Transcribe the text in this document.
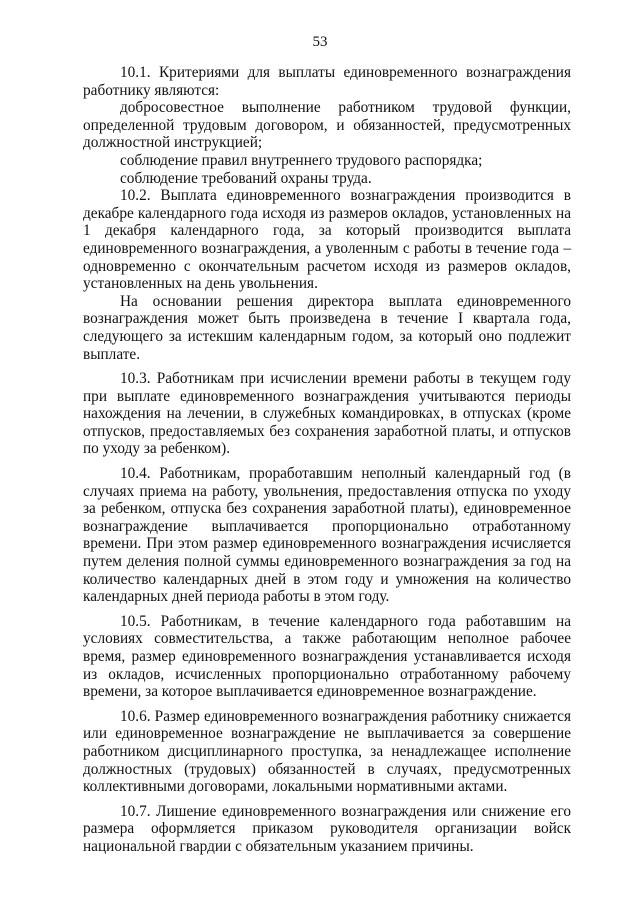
53

10.1. Критериями для выплаты единовременного вознаграждения работнику являются:

добросовестное выполнение работником трудовой функции, определенной трудовым договором, и обязанностей, предусмотренных должностной инструкцией;

соблюдение правил внутреннего трудового распорядка;

соблюдение требований охраны труда.

10.2. Выплата единовременного вознаграждения производится в декабре календарного года исходя из размеров окладов, установленных на 1 декабря календарного года, за который производится выплата единовременного вознаграждения, а уволенным с работы в течение года – одновременно с окончательным расчетом исходя из размеров окладов, установленных на день увольнения.

На основании решения директора выплата единовременного вознаграждения может быть произведена в течение I квартала года, следующего за истекшим календарным годом, за который оно подлежит выплате.

10.3. Работникам при исчислении времени работы в текущем году при выплате единовременного вознаграждения учитываются периоды нахождения на лечении, в служебных командировках, в отпусках (кроме отпусков, предоставляемых без сохранения заработной платы, и отпусков по уходу за ребенком).

10.4. Работникам, проработавшим неполный календарный год (в случаях приема на работу, увольнения, предоставления отпуска по уходу за ребенком, отпуска без сохранения заработной платы), единовременное вознаграждение выплачивается пропорционально отработанному времени. При этом размер единовременного вознаграждения исчисляется путем деления полной суммы единовременного вознаграждения за год на количество календарных дней в этом году и умножения на количество календарных дней периода работы в этом году.

10.5. Работникам, в течение календарного года работавшим на условиях совместительства, а также работающим неполное рабочее время, размер единовременного вознаграждения устанавливается исходя из окладов, исчисленных пропорционально отработанному рабочему времени, за которое выплачивается единовременное вознаграждение.

10.6. Размер единовременного вознаграждения работнику снижается или единовременное вознаграждение не выплачивается за совершение работником дисциплинарного проступка, за ненадлежащее исполнение должностных (трудовых) обязанностей в случаях, предусмотренных коллективными договорами, локальными нормативными актами.

10.7. Лишение единовременного вознаграждения или снижение его размера оформляется приказом руководителя организации войск национальной гвардии с обязательным указанием причины.
